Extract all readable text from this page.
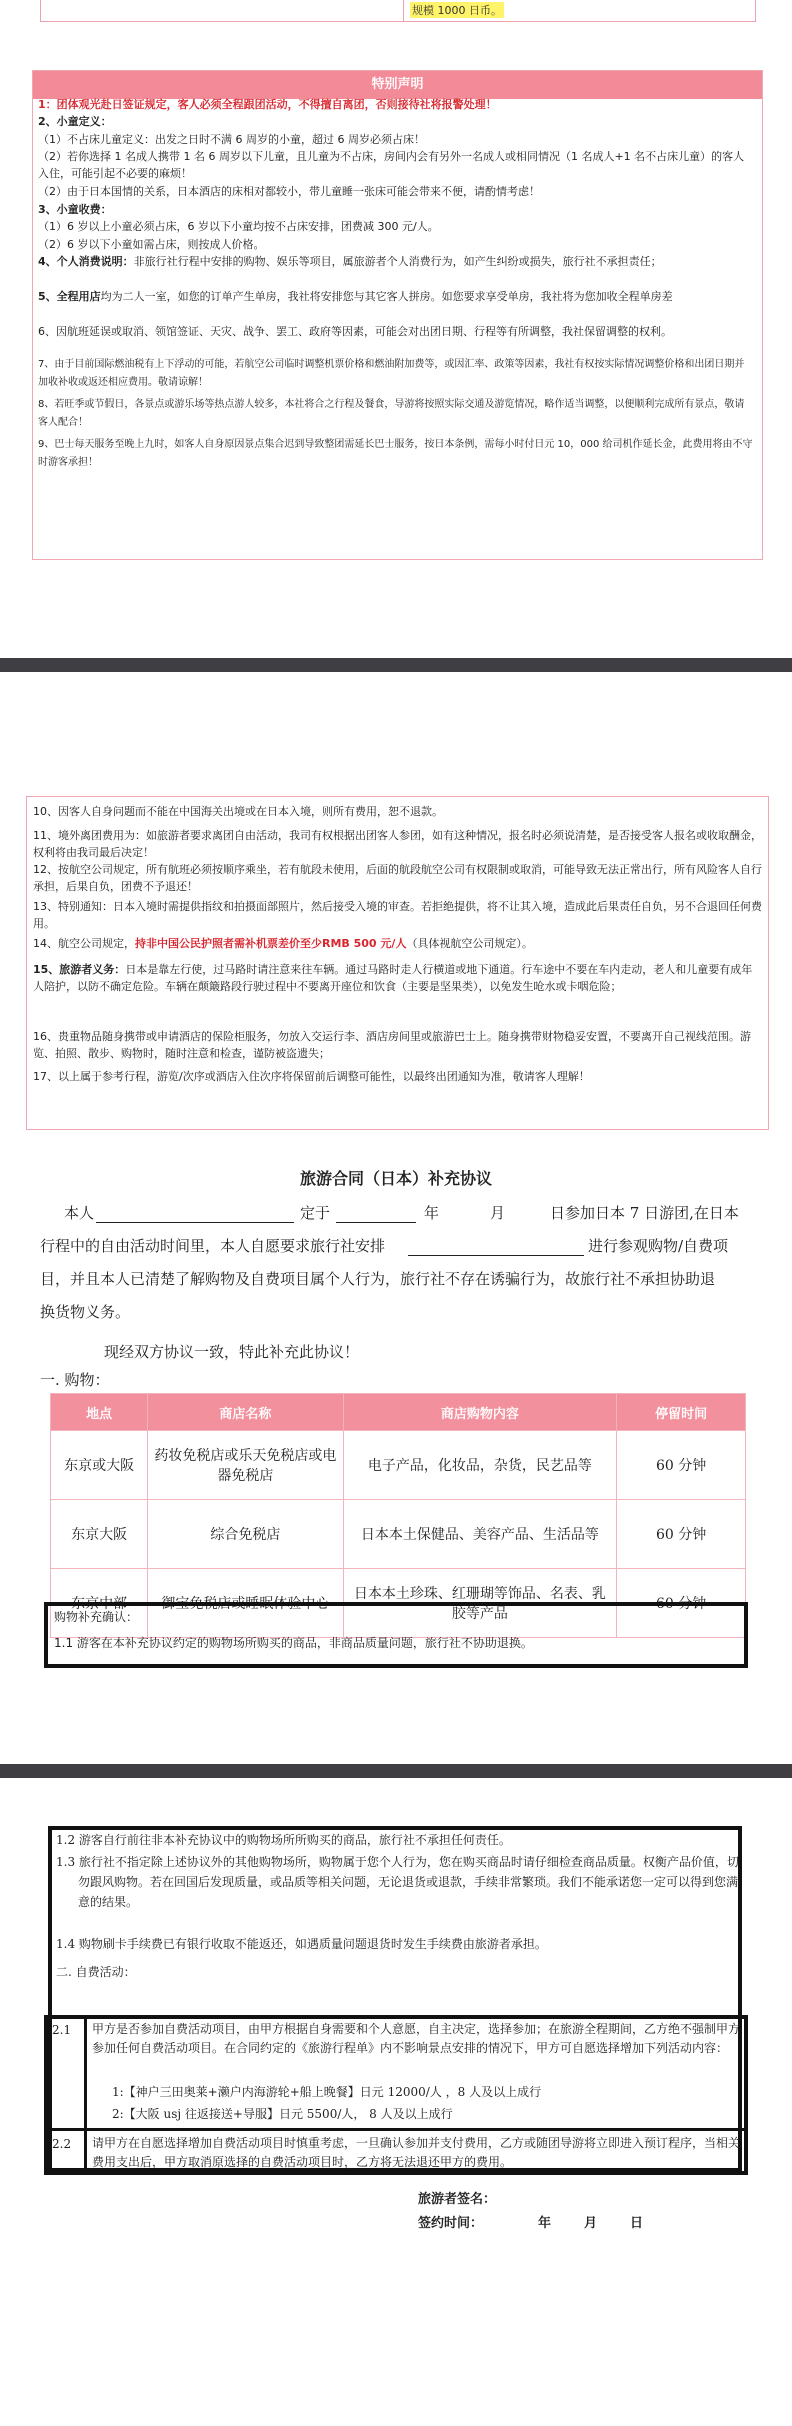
规模 1000 日币。
特别声明
1：团体观光赴日签证规定，客人必须全程跟团活动，不得擅自离团，否则接待社将报警处理！
2、小童定义：
（1）不占床儿童定义：出发之日时不满 6 周岁的小童，超过 6 周岁必须占床！
（2）若你选择 1 名成人携带 1 名 6 周岁以下儿童，且儿童为不占床，房间内会有另外一名成人或相同情况（1 名成人+1 名不占床儿童）的客人入住，可能引起不必要的麻烦！
（2）由于日本国情的关系，日本酒店的床相对都较小，带儿童睡一张床可能会带来不便，请酌情考虑！
3、小童收费：
（1）6 岁以上小童必须占床，6 岁以下小童均按不占床安排，团费减 300 元/人。
（2）6 岁以下小童如需占床，则按成人价格。
4、个人消费说明：非旅行社行程中安排的购物、娱乐等项目，属旅游者个人消费行为，如产生纠纷或损失，旅行社不承担责任；
5、全程用店均为二人一室，如您的订单产生单房，我社将安排您与其它客人拼房。如您要求享受单房，我社将为您加收全程单房差
6、因航班延误或取消、领馆签证、天灾、战争、罢工、政府等因素，可能会对出团日期、行程等有所调整，我社保留调整的权利。
7、由于目前国际燃油税有上下浮动的可能，若航空公司临时调整机票价格和燃油附加费等，或因汇率、政策等因素，我社有权按实际情况调整价格和出团日期并加收补收或返还相应费用。敬请谅解！
8、若旺季或节假日，各景点或游乐场等热点游人较多，本社将合之行程及餐食，导游将按照实际交通及游览情况，略作适当调整，以便顺利完成所有景点，敬请客人配合！
9、巴士每天服务至晚上九时，如客人自身原因景点集合迟到导致整团需延长巴士服务，按日本条例，需每小时付日元 10，000 给司机作延长金，此费用将由不守时游客承担！
10、因客人自身问题而不能在中国海关出境或在日本入境，则所有费用，恕不退款。
11、境外离团费用为：如旅游者要求离团自由活动，我司有权根据出团客人参团，如有这种情况，报名时必须说清楚，是否接受客人报名或收取酬金，权利将由我司最后决定！
12、按航空公司规定，所有航班必须按顺序乘坐，若有航段未使用，后面的航段航空公司有权限制或取消，可能导致无法正常出行，所有风险客人自行承担，后果自负，团费不予退还！
13、特别通知：日本入境时需提供指纹和拍摄面部照片，然后接受入境的审查。若拒绝提供，将不让其入境，造成此后果责任自负，另不合退回任何费用。
14、航空公司规定，持非中国公民护照者需补机票差价至少RMB 500 元/人（具体视航空公司规定）。
15、旅游者义务：日本是靠左行使，过马路时请注意来往车辆。通过马路时走人行横道或地下通道。行车途中不要在车内走动，老人和儿童要有成年人陪护，以防不确定危险。车辆在颠簸路段行驶过程中不要离开座位和饮食（主要是坚果类），以免发生呛水或卡咽危险；
16、贵重物品随身携带或申请酒店的保险柜服务，勿放入交运行李、酒店房间里或旅游巴士上。随身携带财物稳妥安置，不要离开自己视线范围。游览、拍照、散步、购物时，随时注意和检查，谨防被盗遗失；
17、以上属于参考行程，游览/次序或酒店入住次序将保留前后调整可能性，以最终出团通知为准，敬请客人理解！
旅游合同（日本）补充协议
本人	定于	年	月	日参加日本 7 日游团,在日本
行程中的自由活动时间里，本人自愿要求旅行社安排	进行参观购物/自费项
目，并且本人已清楚了解购物及自费项目属个人行为，旅行社不存在诱骗行为，故旅行社不承担协助退
换货物义务。
现经双方协议一致，特此补充此协议！
一. 购物：
地点	商店名称	商店购物内容	停留时间
东京或大阪	药妆免税店或乐天免税店或电器免税店	电子产品，化妆品，杂货，民艺品等	60 分钟
东京大阪	综合免税店	日本本土保健品、美容产品、生活品等	60 分钟
东京中部	御宝免税店或睡眠体验中心	日本本土珍珠、红珊瑚等饰品、名表、乳胶等产品	60 分钟
购物补充确认：
1.1 游客在本补充协议约定的购物场所购买的商品，非商品质量问题，旅行社不协助退换。
1.2 游客自行前往非本补充协议中的购物场所所购买的商品，旅行社不承担任何责任。
1.3 旅行社不指定除上述协议外的其他购物场所，购物属于您个人行为，您在购买商品时请仔细检查商品质量。权衡产品价值，切勿跟风购物。若在回国后发现质量，或品质等相关问题，无论退货或退款，手续非常繁琐。我们不能承诺您一定可以得到您满意的结果。
1.4 购物刷卡手续费已有银行收取不能返还，如遇质量问题退货时发生手续费由旅游者承担。
二. 自费活动：
2.1 甲方是否参加自费活动项目，由甲方根据自身需要和个人意愿，自主决定，选择参加；在旅游全程期间，乙方绝不强制甲方参加任何自费活动项目。在合同约定的《旅游行程单》内不影响景点安排的情况下，甲方可自愿选择增加下列活动内容：
1:【神户三田奥莱+濑户内海游轮+船上晚餐】日元 12000/人 ，8 人及以上成行
2:【大阪 usj 往返接送+导服】日元 5500/人， 8 人及以上成行
2.2 请甲方在自愿选择增加自费活动项目时慎重考虑，一旦确认参加并支付费用，乙方或随团导游将立即进入预订程序，当相关费用支出后，甲方取消原选择的自费活动项目时，乙方将无法退还甲方的费用。
旅游者签名：
签约时间：	年	月	日
